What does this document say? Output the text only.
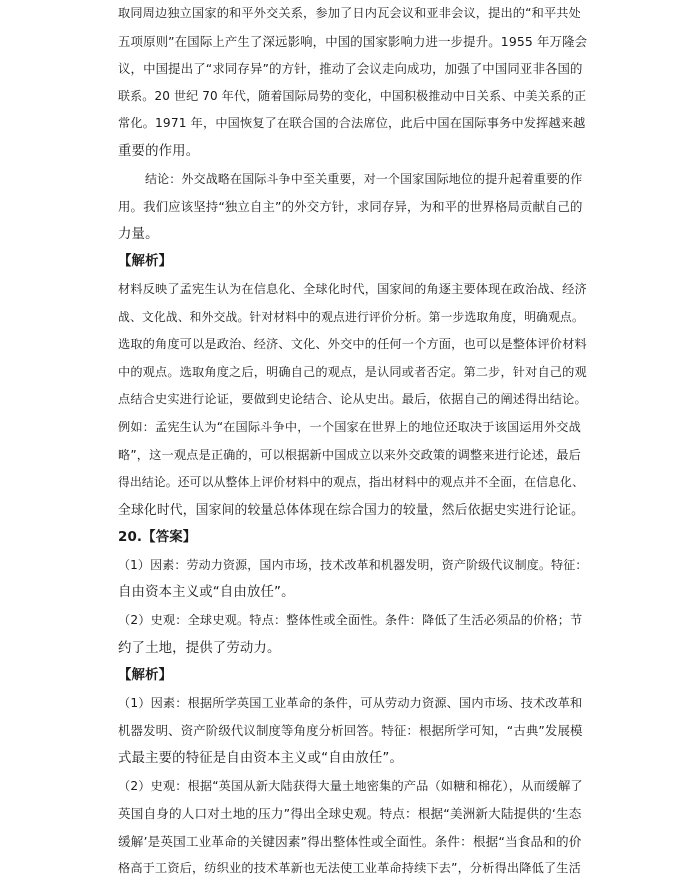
取同周边独立国家的和平外交关系，参加了日内瓦会议和亚非会议，提出的“和平共处
五项原则”在国际上产生了深远影响，中国的国家影响力进一步提升。1955 年万隆会
议，中国提出了“求同存异”的方针，推动了会议走向成功，加强了中国同亚非各国的
联系。20 世纪 70 年代，随着国际局势的变化，中国积极推动中日关系、中美关系的正
常化。1971 年，中国恢复了在联合国的合法席位，此后中国在国际事务中发挥越来越
重要的作用。
结论：外交战略在国际斗争中至关重要，对一个国家国际地位的提升起着重要的作
用。我们应该坚持“独立自主”的外交方针，求同存异，为和平的世界格局贡献自己的
力量。
【解析】
材料反映了孟宪生认为在信息化、全球化时代，国家间的角逐主要体现在政治战、经济
战、文化战、和外交战。针对材料中的观点进行评价分析。第一步选取角度，明确观点。
选取的角度可以是政治、经济、文化、外交中的任何一个方面，也可以是整体评价材料
中的观点。选取角度之后，明确自己的观点，是认同或者否定。第二步，针对自己的观
点结合史实进行论证，要做到史论结合、论从史出。最后，依据自己的阐述得出结论。
例如：孟宪生认为“在国际斗争中，一个国家在世界上的地位还取决于该国运用外交战
略”，这一观点是正确的，可以根据新中国成立以来外交政策的调整来进行论述，最后
得出结论。还可以从整体上评价材料中的观点，指出材料中的观点并不全面，在信息化、
全球化时代，国家间的较量总体体现在综合国力的较量，然后依据史实进行论证。
20.【答案】
（1）因素：劳动力资源，国内市场，技术改革和机器发明，资产阶级代议制度。特征：
自由资本主义或“自由放任”。
（2）史观：全球史观。特点：整体性或全面性。条件：降低了生活必须品的价格；节
约了土地，提供了劳动力。
【解析】
（1）因素：根据所学英国工业革命的条件，可从劳动力资源、国内市场、技术改革和
机器发明、资产阶级代议制度等角度分析回答。特征：根据所学可知，“古典”发展模
式最主要的特征是自由资本主义或“自由放任”。
（2）史观：根据“英国从新大陆获得大量土地密集的产品（如糖和棉花），从而缓解了
英国自身的人口对土地的压力”得出全球史观。特点：根据“美洲新大陆提供的‘生态
缓解’是英国工业革命的关键因素”得出整体性或全面性。条件：根据“当食品和的价
格高于工资后，纺织业的技术革新也无法使工业革命持续下去”，分析得出降低了生活
